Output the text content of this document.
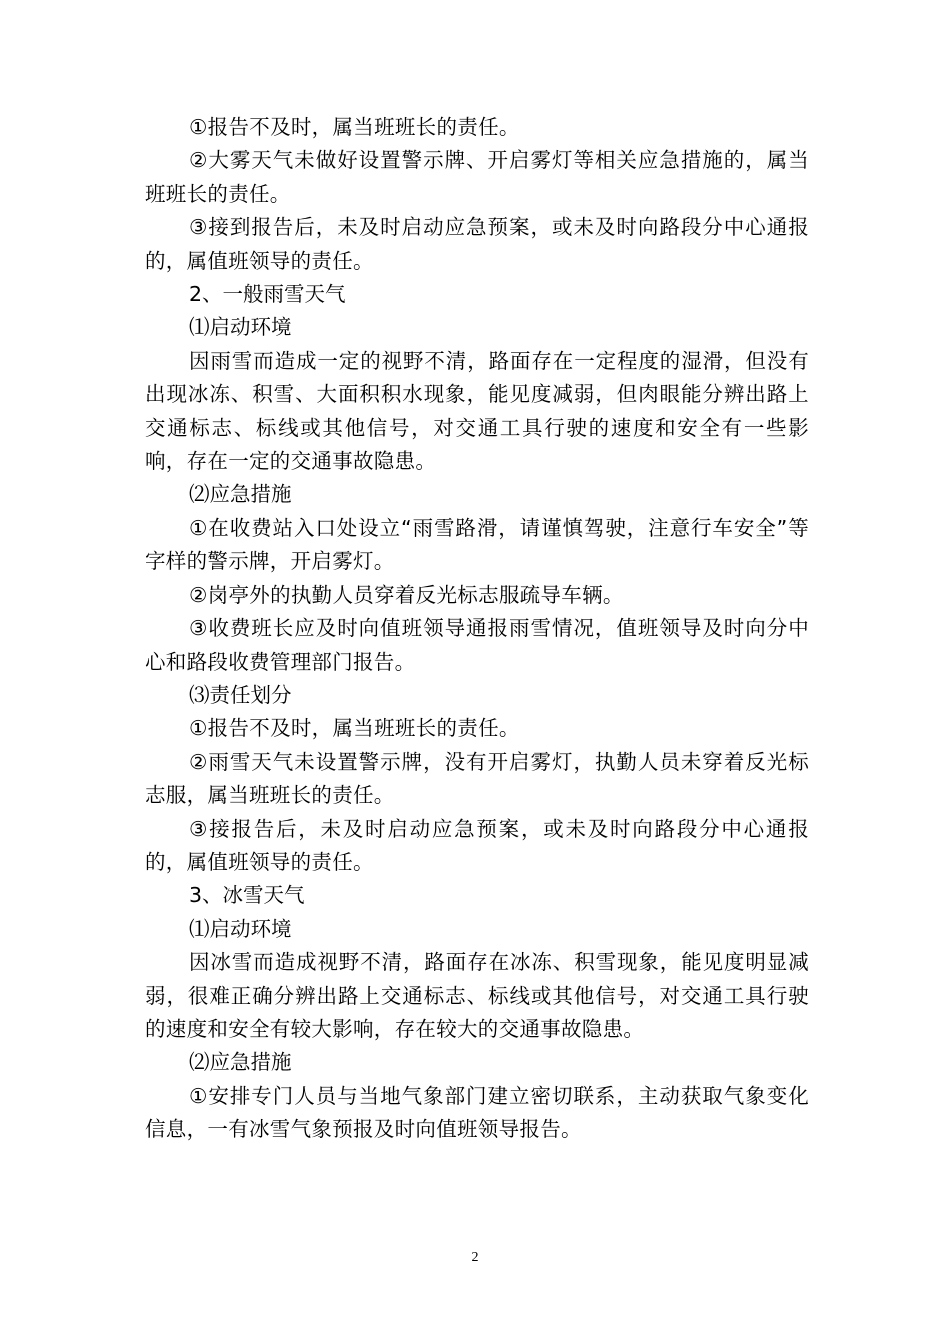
①报告不及时，属当班班长的责任。

②大雾天气未做好设置警示牌、开启雾灯等相关应急措施的，属当班班长的责任。

③接到报告后，未及时启动应急预案，或未及时向路段分中心通报的，属值班领导的责任。

2、一般雨雪天气

⑴启动环境

因雨雪而造成一定的视野不清，路面存在一定程度的湿滑，但没有出现冰冻、积雪、大面积积水现象，能见度减弱，但肉眼能分辨出路上交通标志、标线或其他信号，对交通工具行驶的速度和安全有一些影响，存在一定的交通事故隐患。

⑵应急措施

①在收费站入口处设立“雨雪路滑，请谨慎驾驶，注意行车安全”等字样的警示牌，开启雾灯。

②岗亭外的执勤人员穿着反光标志服疏导车辆。

③收费班长应及时向值班领导通报雨雪情况，值班领导及时向分中心和路段收费管理部门报告。

⑶责任划分

①报告不及时，属当班班长的责任。

②雨雪天气未设置警示牌，没有开启雾灯，执勤人员未穿着反光标志服，属当班班长的责任。

③接报告后，未及时启动应急预案，或未及时向路段分中心通报的，属值班领导的责任。

3、冰雪天气

⑴启动环境

因冰雪而造成视野不清，路面存在冰冻、积雪现象，能见度明显减弱，很难正确分辨出路上交通标志、标线或其他信号，对交通工具行驶的速度和安全有较大影响，存在较大的交通事故隐患。

⑵应急措施

①安排专门人员与当地气象部门建立密切联系，主动获取气象变化信息，一有冰雪气象预报及时向值班领导报告。

2
